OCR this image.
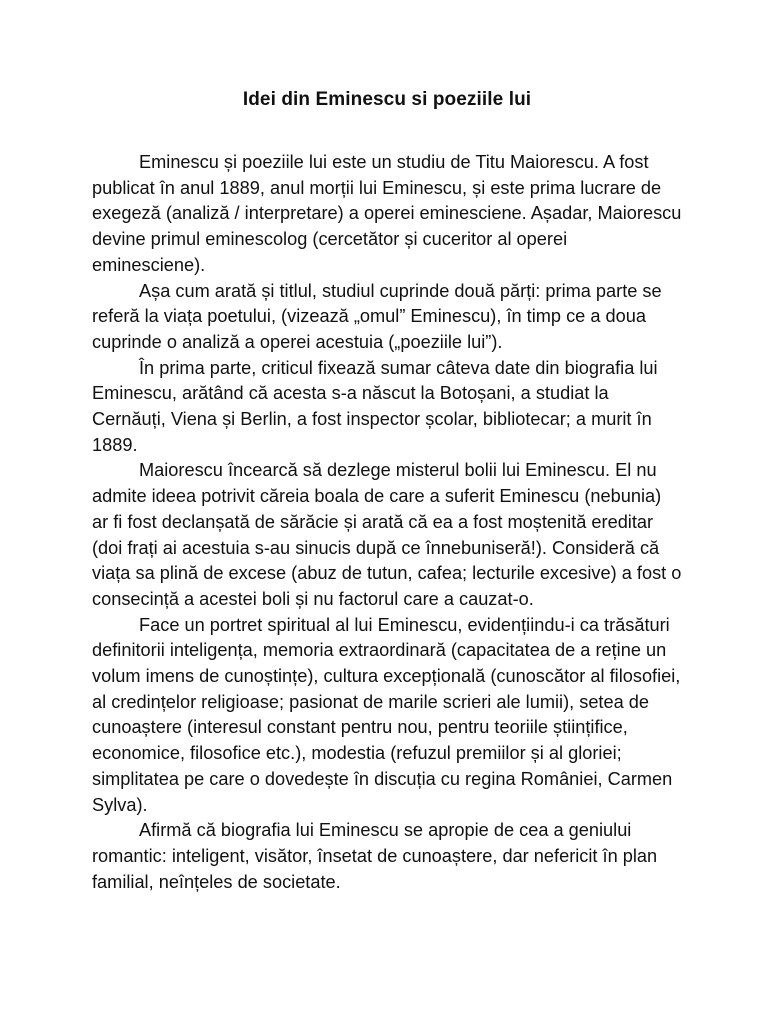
Idei din Eminescu si poeziile lui

Eminescu și poeziile lui este un studiu de Titu Maiorescu. A fost publicat în anul 1889, anul morții lui Eminescu, și este prima lucrare de exegeză (analiză / interpretare) a operei eminesciene. Așadar, Maiorescu devine primul eminescolog (cercetător și cuceritor al operei eminesciene).

Așa cum arată și titlul, studiul cuprinde două părți: prima parte se referă la viața poetului, (vizează „omul” Eminescu), în timp ce a doua cuprinde o analiză a operei acestuia („poeziile lui”).

În prima parte, criticul fixează sumar câteva date din biografia lui Eminescu, arătând că acesta s-a născut la Botoșani, a studiat la Cernăuți, Viena și Berlin, a fost inspector școlar, bibliotecar; a murit în 1889.

Maiorescu încearcă să dezlege misterul bolii lui Eminescu. El nu admite ideea potrivit căreia boala de care a suferit Eminescu (nebunia) ar fi fost declanșată de sărăcie și arată că ea a fost moștenită ereditar (doi frați ai acestuia s-au sinucis după ce înnebuniseră!). Consideră că viața sa plină de excese (abuz de tutun, cafea; lecturile excesive) a fost o consecință a acestei boli și nu factorul care a cauzat-o.

Face un portret spiritual al lui Eminescu, evidențiindu-i ca trăsături definitorii inteligența, memoria extraordinară (capacitatea de a reține un volum imens de cunoștințe), cultura excepțională (cunoscător al filosofiei, al credințelor religioase; pasionat de marile scrieri ale lumii), setea de cunoaștere (interesul constant pentru nou, pentru teoriile științifice, economice, filosofice etc.), modestia (refuzul premiilor și al gloriei; simplitatea pe care o dovedește în discuția cu regina României, Carmen Sylva).

Afirmă că biografia lui Eminescu se apropie de cea a geniului romantic: inteligent, visător, însetat de cunoaștere, dar nefericit în plan familial, neînțeles de societate.
